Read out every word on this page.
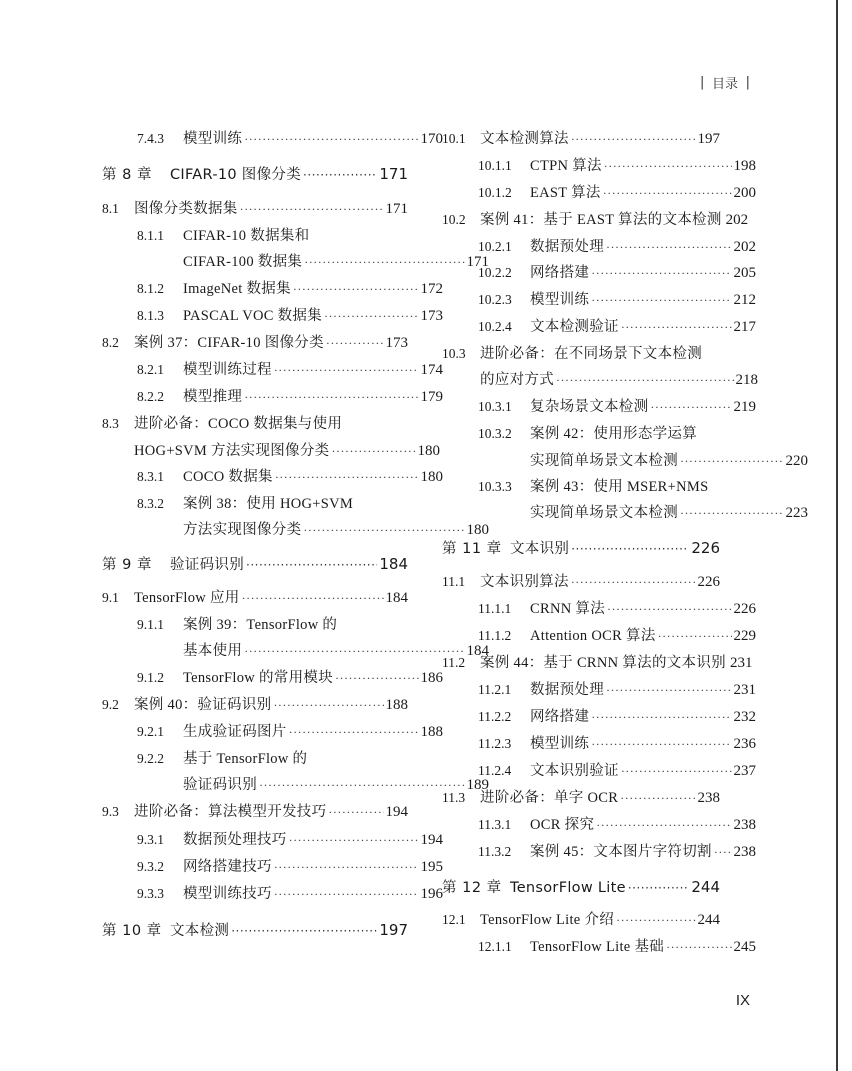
| 目录 |
7.4.3	模型训练 ·····	170
第 8 章	CIFAR-10 图像分类 ·····	171
8.1	图像分类数据集 ·····	171
8.1.1	CIFAR-10 数据集和
CIFAR-100 数据集 ·····	171
8.1.2	ImageNet 数据集 ·····	172
8.1.3	PASCAL VOC 数据集 ·····	173
8.2	案例 37：CIFAR-10 图像分类 ·····	173
8.2.1	模型训练过程 ·····	174
8.2.2	模型推理 ·····	179
8.3	进阶必备：COCO 数据集与使用
HOG+SVM 方法实现图像分类 ·····	180
8.3.1	COCO 数据集 ·····	180
8.3.2	案例 38：使用 HOG+SVM
方法实现图像分类 ·····	180
第 9 章	验证码识别 ·····	184
9.1	TensorFlow 应用 ·····	184
9.1.1	案例 39：TensorFlow 的
基本使用 ·····	184
9.1.2	TensorFlow 的常用模块 ·····	186
9.2	案例 40：验证码识别 ·····	188
9.2.1	生成验证码图片 ·····	188
9.2.2	基于 TensorFlow 的
验证码识别 ·····	189
9.3	进阶必备：算法模型开发技巧 ·····	194
9.3.1	数据预处理技巧 ·····	194
9.3.2	网络搭建技巧 ·····	195
9.3.3	模型训练技巧 ·····	196
第 10 章 文本检测 ·····	197
10.1 文本检测算法 ·····	197
10.1.1	CTPN 算法 ·····	198
10.1.2	EAST 算法 ·····	200
10.2 案例 41：基于 EAST 算法的文本检测 202
10.2.1	数据预处理 ·····	202
10.2.2	网络搭建 ·····	205
10.2.3	模型训练 ·····	212
10.2.4	文本检测验证 ·····	217
10.3 进阶必备：在不同场景下文本检测
的应对方式 ·····	218
10.3.1	复杂场景文本检测 ·····	219
10.3.2	案例 42：使用形态学运算
实现简单场景文本检测 ·····	220
10.3.3	案例 43：使用 MSER+NMS
实现简单场景文本检测 ·····	223
第 11 章 文本识别 ·····	226
11.1	文本识别算法 ·····	226
11.1.1	CRNN 算法 ·····	226
11.1.2	Attention OCR 算法 ·····	229
11.2	案例 44：基于 CRNN 算法的文本识别 231
11.2.1	数据预处理 ·····	231
11.2.2	网络搭建 ·····	232
11.2.3	模型训练 ·····	236
11.2.4	文本识别验证 ·····	237
11.3	进阶必备：单字 OCR ·····	238
11.3.1	OCR 探究 ·····	238
11.3.2	案例 45：文本图片字符切割 ····· 238
第 12 章 TensorFlow Lite ·····	244
12.1 TensorFlow Lite 介绍 ·····	244
12.1.1	TensorFlow Lite 基础 ·····	245
IX
